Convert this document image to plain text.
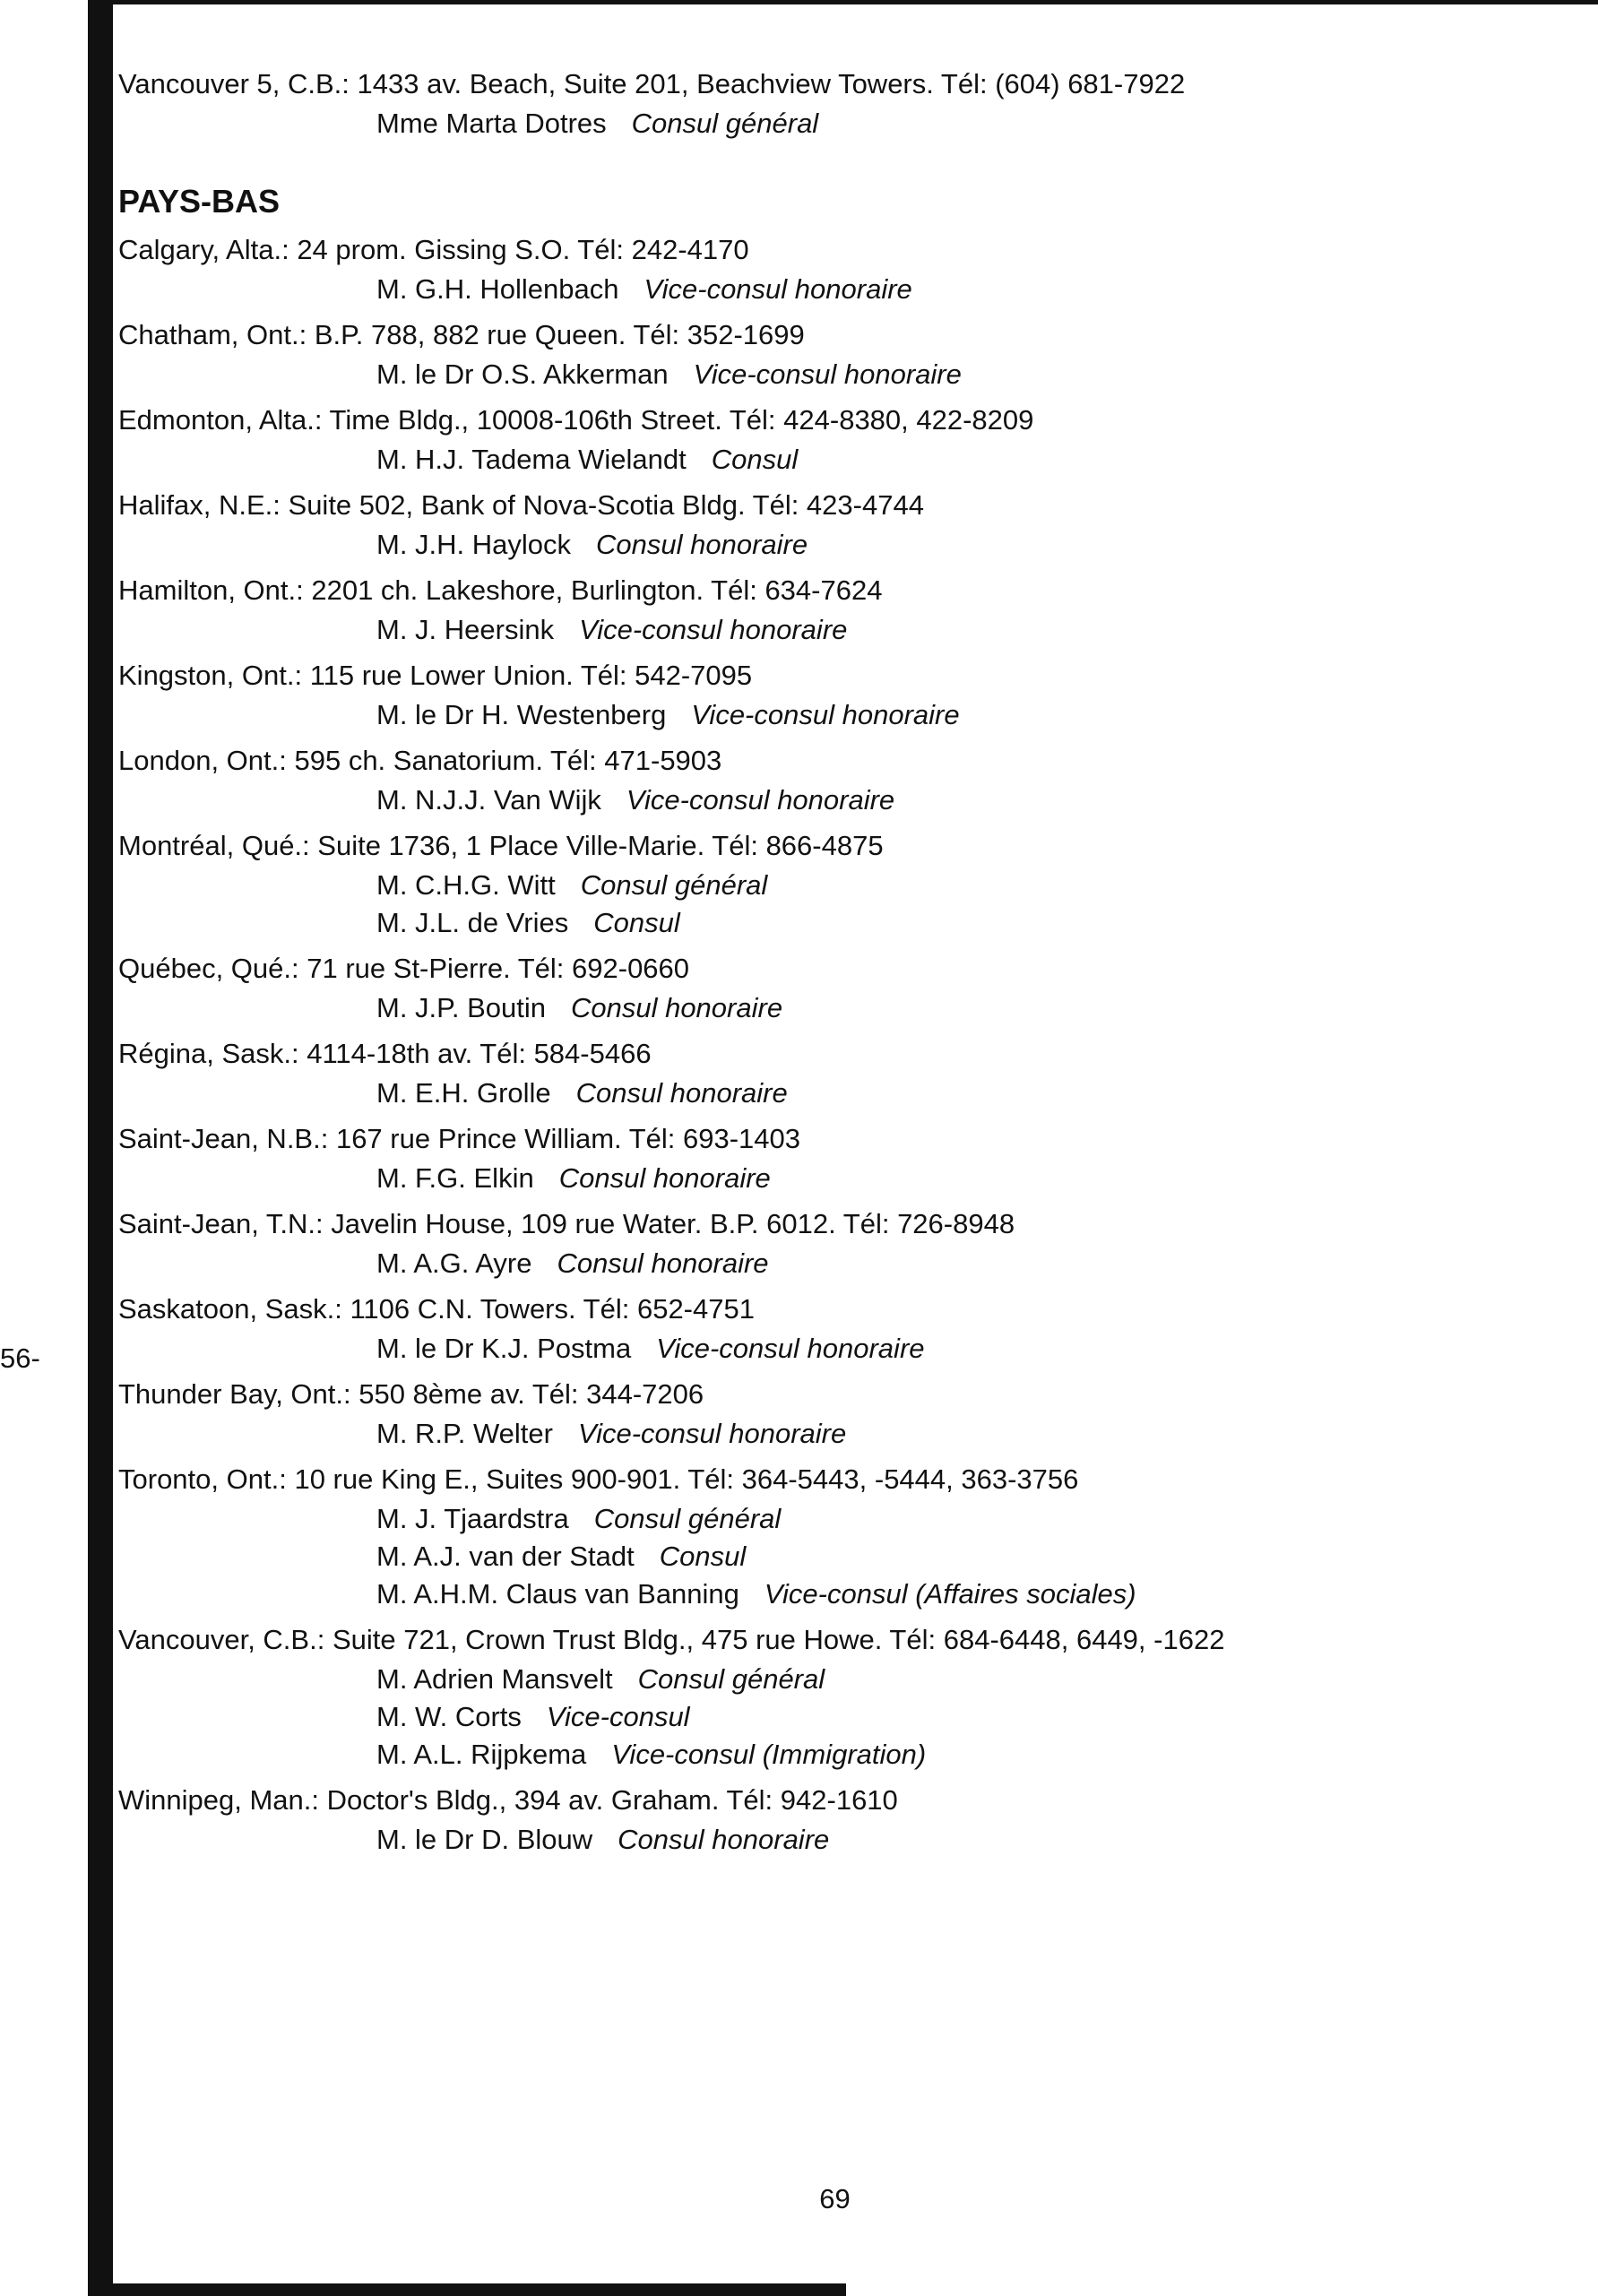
56-
Vancouver 5, C.B.: 1433 av. Beach, Suite 201, Beachview Towers. Tél: (604) 681-7922
Mme Marta Dotres Consul général
PAYS-BAS
Calgary, Alta.: 24 prom. Gissing S.O. Tél: 242-4170
M. G.H. Hollenbach Vice-consul honoraire
Chatham, Ont.: B.P. 788, 882 rue Queen. Tél: 352-1699
M. le Dr O.S. Akkerman Vice-consul honoraire
Edmonton, Alta.: Time Bldg., 10008-106th Street. Tél: 424-8380, 422-8209
M. H.J. Tadema Wielandt Consul
Halifax, N.E.: Suite 502, Bank of Nova-Scotia Bldg. Tél: 423-4744
M. J.H. Haylock Consul honoraire
Hamilton, Ont.: 2201 ch. Lakeshore, Burlington. Tél: 634-7624
M. J. Heersink Vice-consul honoraire
Kingston, Ont.: 115 rue Lower Union. Tél: 542-7095
M. le Dr H. Westenberg Vice-consul honoraire
London, Ont.: 595 ch. Sanatorium. Tél: 471-5903
M. N.J.J. Van Wijk Vice-consul honoraire
Montréal, Qué.: Suite 1736, 1 Place Ville-Marie. Tél: 866-4875
M. C.H.G. Witt Consul général
M. J.L. de Vries Consul
Québec, Qué.: 71 rue St-Pierre. Tél: 692-0660
M. J.P. Boutin Consul honoraire
Régina, Sask.: 4114-18th av. Tél: 584-5466
M. E.H. Grolle Consul honoraire
Saint-Jean, N.B.: 167 rue Prince William. Tél: 693-1403
M. F.G. Elkin Consul honoraire
Saint-Jean, T.N.: Javelin House, 109 rue Water. B.P. 6012. Tél: 726-8948
M. A.G. Ayre Consul honoraire
Saskatoon, Sask.: 1106 C.N. Towers. Tél: 652-4751
M. le Dr K.J. Postma Vice-consul honoraire
Thunder Bay, Ont.: 550 8ème av. Tél: 344-7206
M. R.P. Welter Vice-consul honoraire
Toronto, Ont.: 10 rue King E., Suites 900-901. Tél: 364-5443, -5444, 363-3756
M. J. Tjaardstra Consul général
M. A.J. van der Stadt Consul
M. A.H.M. Claus van Banning Vice-consul (Affaires sociales)
Vancouver, C.B.: Suite 721, Crown Trust Bldg., 475 rue Howe. Tél: 684-6448, 6449, -1622
M. Adrien Mansvelt Consul général
M. W. Corts Vice-consul
M. A.L. Rijpkema Vice-consul (Immigration)
Winnipeg, Man.: Doctor's Bldg., 394 av. Graham. Tél: 942-1610
M. le Dr D. Blouw Consul honoraire
69
